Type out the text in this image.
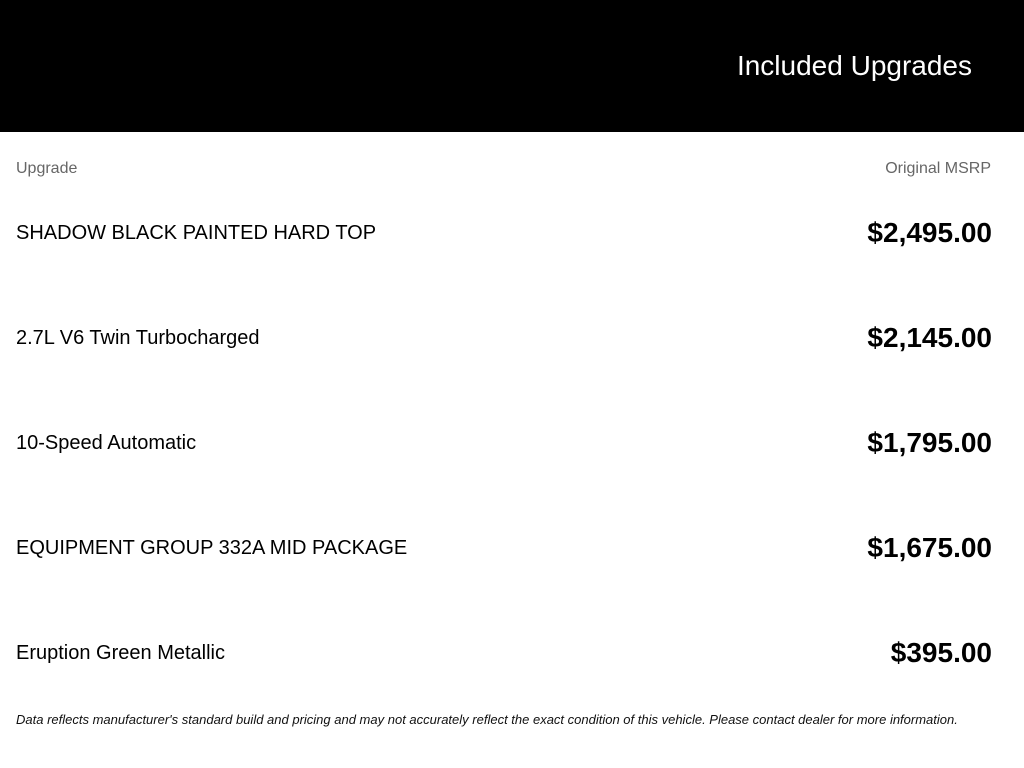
Included Upgrades
Upgrade	Original MSRP
SHADOW BLACK PAINTED HARD TOP	$2,495.00
2.7L V6 Twin Turbocharged	$2,145.00
10-Speed Automatic	$1,795.00
EQUIPMENT GROUP 332A MID PACKAGE	$1,675.00
Eruption Green Metallic	$395.00
Data reflects manufacturer's standard build and pricing and may not accurately reflect the exact condition of this vehicle. Please contact dealer for more information.
